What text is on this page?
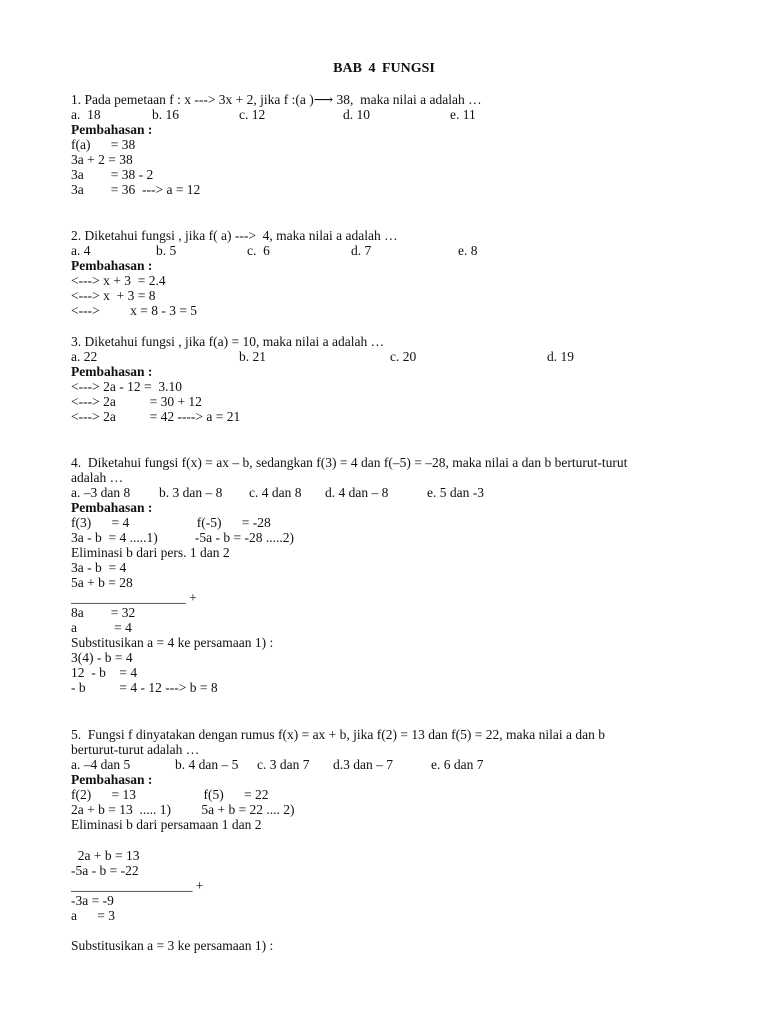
BAB 4 FUNGSI
1. Pada pemetaan f : x ---> 3x + 2, jika f :(a )⟶ 38,  maka nilai a adalah …
a.  18	b. 16	c. 12	d. 10	e. 11
Pembahasan :
f(a)      = 38
3a + 2 = 38
3a        = 38 - 2
3a        = 36  ---> a = 12
2. Diketahui fungsi , jika f( a) --->  4, maka nilai a adalah …
a. 4	b. 5	c.  6	d. 7	e. 8
Pembahasan :
<---> x + 3  = 2.4
<---> x  + 3 = 8
<--->         x = 8 - 3 = 5
3. Diketahui fungsi , jika f(a) = 10, maka nilai a adalah …
a. 22	b. 21	c. 20	d. 19
Pembahasan :
<---> 2a - 12 =  3.10
<---> 2a          = 30 + 12
<---> 2a          = 42 ----> a = 21
4.  Diketahui fungsi f(x) = ax – b, sedangkan f(3) = 4 dan f(–5) = –28, maka nilai a dan b berturut-turut
adalah …
a. –3 dan 8 b. 3 dan – 8 c. 4 dan 8 d. 4 dan – 8	e. 5 dan -3
Pembahasan :
f(3)      = 4                    f(-5)      = -28
3a - b  = 4 .....1)           -5a - b = -28 .....2)
Eliminasi b dari pers. 1 dan 2
3a - b  = 4
5a + b = 28
_________________ +
8a        = 32
a           = 4
Substitusikan a = 4 ke persamaan 1) :
3(4) - b = 4
12  - b    = 4
- b          = 4 - 12 ---> b = 8
5.  Fungsi f dinyatakan dengan rumus f(x) = ax + b, jika f(2) = 13 dan f(5) = 22, maka nilai a dan b
berturut-turut adalah …
a. –4 dan 5	b. 4 dan – 5 c. 3 dan 7 d.3 dan – 7	e. 6 dan 7
Pembahasan :
f(2)      = 13                    f(5)      = 22
2a + b = 13  ..... 1)         5a + b = 22 .... 2)
Eliminasi b dari persamaan 1 dan 2
2a + b = 13
-5a - b = -22
__________________ +
-3a = -9
a      = 3
Substitusikan a = 3 ke persamaan 1) :
